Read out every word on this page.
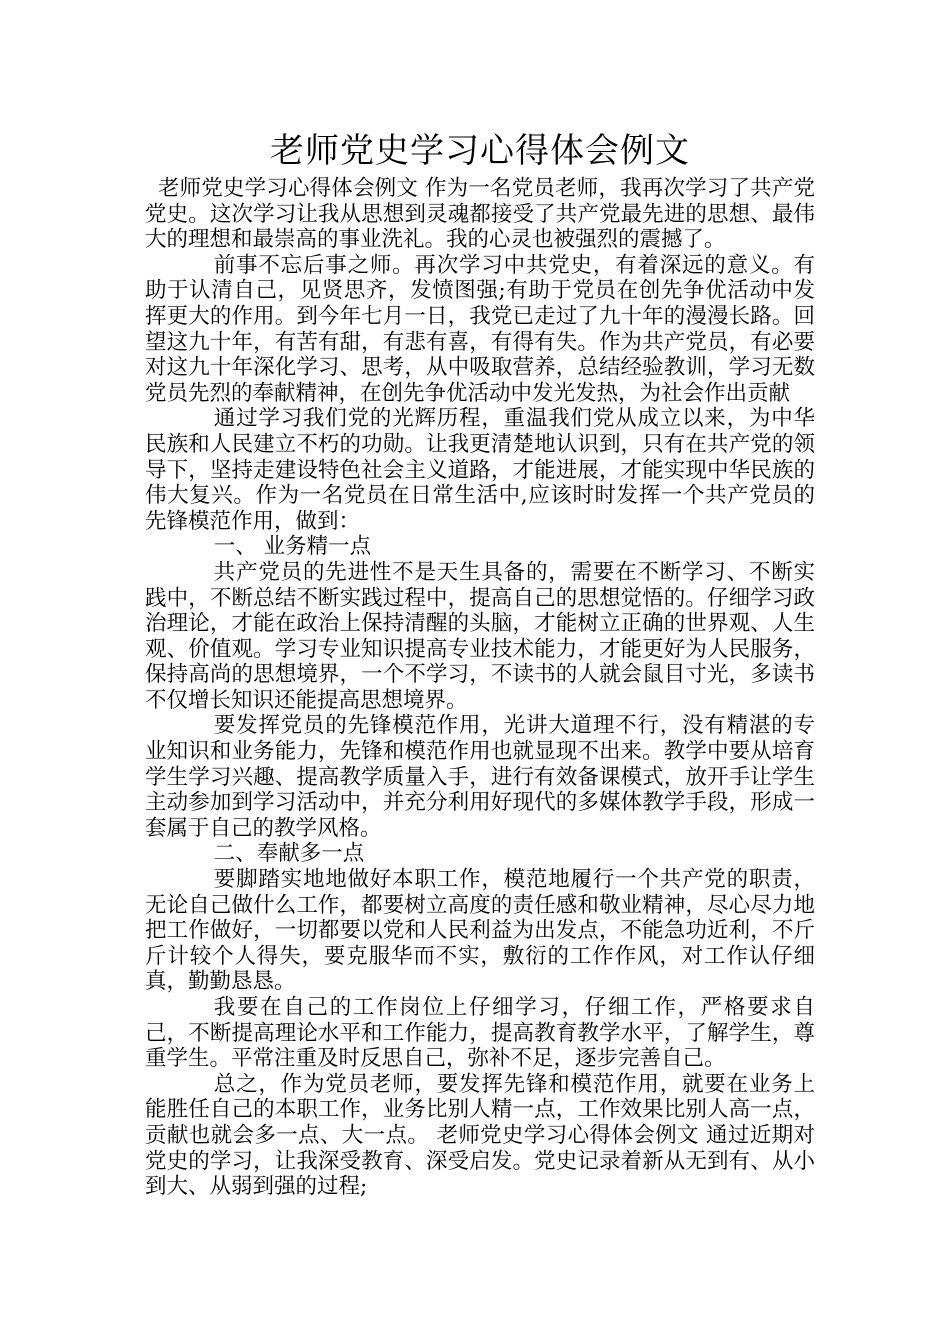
老师党史学习心得体会例文

老师党史学习心得体会例文 作为一名党员老师，我再次学习了共产党党史。这次学习让我从思想到灵魂都接受了共产党最先进的思想、最伟大的理想和最崇高的事业洗礼。我的心灵也被强烈的震撼了。

前事不忘后事之师。再次学习中共党史，有着深远的意义。有助于认清自己，见贤思齐，发愤图强;有助于党员在创先争优活动中发挥更大的作用。到今年七月一日，我党已走过了九十年的漫漫长路。回望这九十年，有苦有甜，有悲有喜，有得有失。作为共产党员，有必要对这九十年深化学习、思考，从中吸取营养，总结经验教训，学习无数党员先烈的奉献精神，在创先争优活动中发光发热，为社会作出贡献

通过学习我们党的光辉历程，重温我们党从成立以来，为中华民族和人民建立不朽的功勋。让我更清楚地认识到，只有在共产党的领导下，坚持走建设特色社会主义道路，才能进展，才能实现中华民族的伟大复兴。作为一名党员在日常生活中,应该时时发挥一个共产党员的先锋模范作用，做到：

一、 业务精一点

共产党员的先进性不是天生具备的，需要在不断学习、不断实践中，不断总结不断实践过程中，提高自己的思想觉悟的。仔细学习政治理论，才能在政治上保持清醒的头脑，才能树立正确的世界观、人生观、价值观。学习专业知识提高专业技术能力，才能更好为人民服务，保持高尚的思想境界，一个不学习，不读书的人就会鼠目寸光，多读书不仅增长知识还能提高思想境界。

要发挥党员的先锋模范作用，光讲大道理不行，没有精湛的专业知识和业务能力，先锋和模范作用也就显现不出来。教学中要从培育学生学习兴趣、提高教学质量入手，进行有效备课模式，放开手让学生主动参加到学习活动中，并充分利用好现代的多媒体教学手段，形成一套属于自己的教学风格。

二、奉献多一点

要脚踏实地地做好本职工作，模范地履行一个共产党的职责，无论自己做什么工作，都要树立高度的责任感和敬业精神，尽心尽力地把工作做好，一切都要以党和人民利益为出发点，不能急功近利，不斤斤计较个人得失，要克服华而不实，敷衍的工作作风，对工作认仔细真，勤勤恳恳。

我要在自己的工作岗位上仔细学习，仔细工作，严格要求自己，不断提高理论水平和工作能力，提高教育教学水平，了解学生，尊重学生。平常注重及时反思自己，弥补不足，逐步完善自己。

总之，作为党员老师，要发挥先锋和模范作用，就要在业务上能胜任自己的本职工作，业务比别人精一点，工作效果比别人高一点，贡献也就会多一点、大一点。 老师党史学习心得体会例文 通过近期对党史的学习，让我深受教育、深受启发。党史记录着新从无到有、从小到大、从弱到强的过程;
